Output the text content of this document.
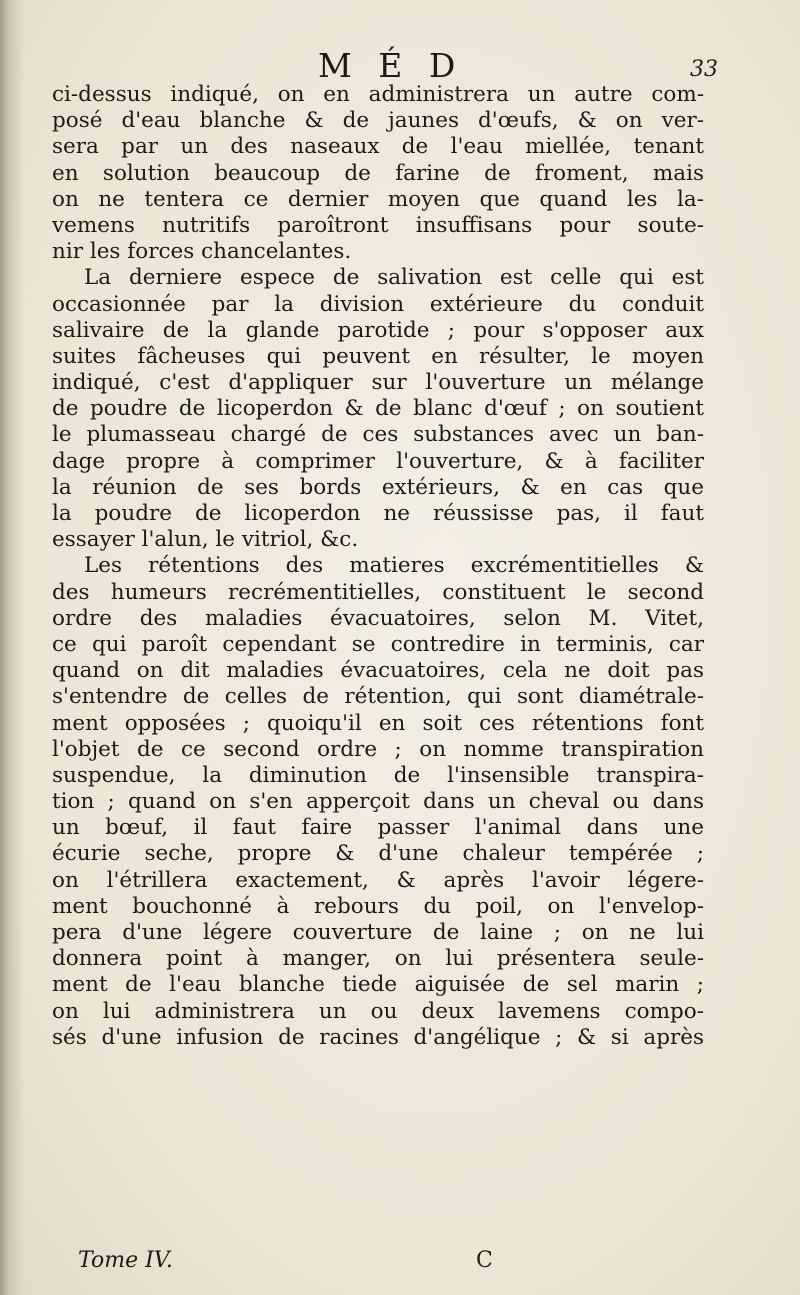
M É D	33
ci-dessus indiqué, on en administrera un autre com-
posé d'eau blanche & de jaunes d'œufs, & on ver-
sera par un des naseaux de l'eau miellée, tenant
en solution beaucoup de farine de froment, mais
on ne tentera ce dernier moyen que quand les la-
vemens nutritifs paroîtront insuffisans pour soute-
nir les forces chancelantes.
La derniere espece de salivation est celle qui est
occasionnée par la division extérieure du conduit
salivaire de la glande parotide ; pour s'opposer aux
suites fâcheuses qui peuvent en résulter, le moyen
indiqué, c'est d'appliquer sur l'ouverture un mélange
de poudre de licoperdon & de blanc d'œuf ; on soutient
le plumasseau chargé de ces substances avec un ban-
dage propre à comprimer l'ouverture, & à faciliter
la réunion de ses bords extérieurs, & en cas que
la poudre de licoperdon ne réussisse pas, il faut
essayer l'alun, le vitriol, &c.
Les rétentions des matieres excrémentitielles &
des humeurs recrémentitielles, constituent le second
ordre des maladies évacuatoires, selon M. Vitet,
ce qui paroît cependant se contredire in terminis, car
quand on dit maladies évacuatoires, cela ne doit pas
s'entendre de celles de rétention, qui sont diamétrale-
ment opposées ; quoiqu'il en soit ces rétentions font
l'objet de ce second ordre ; on nomme transpiration
suspendue, la diminution de l'insensible transpira-
tion ; quand on s'en apperçoit dans un cheval ou dans
un bœuf, il faut faire passer l'animal dans une
écurie seche, propre & d'une chaleur tempérée ;
on l'étrillera exactement, & après l'avoir légere-
ment bouchonné à rebours du poil, on l'envelop-
pera d'une légere couverture de laine ; on ne lui
donnera point à manger, on lui présentera seule-
ment de l'eau blanche tiede aiguisée de sel marin ;
on lui administrera un ou deux lavemens compo-
sés d'une infusion de racines d'angélique ; & si après
Tome IV.	C
